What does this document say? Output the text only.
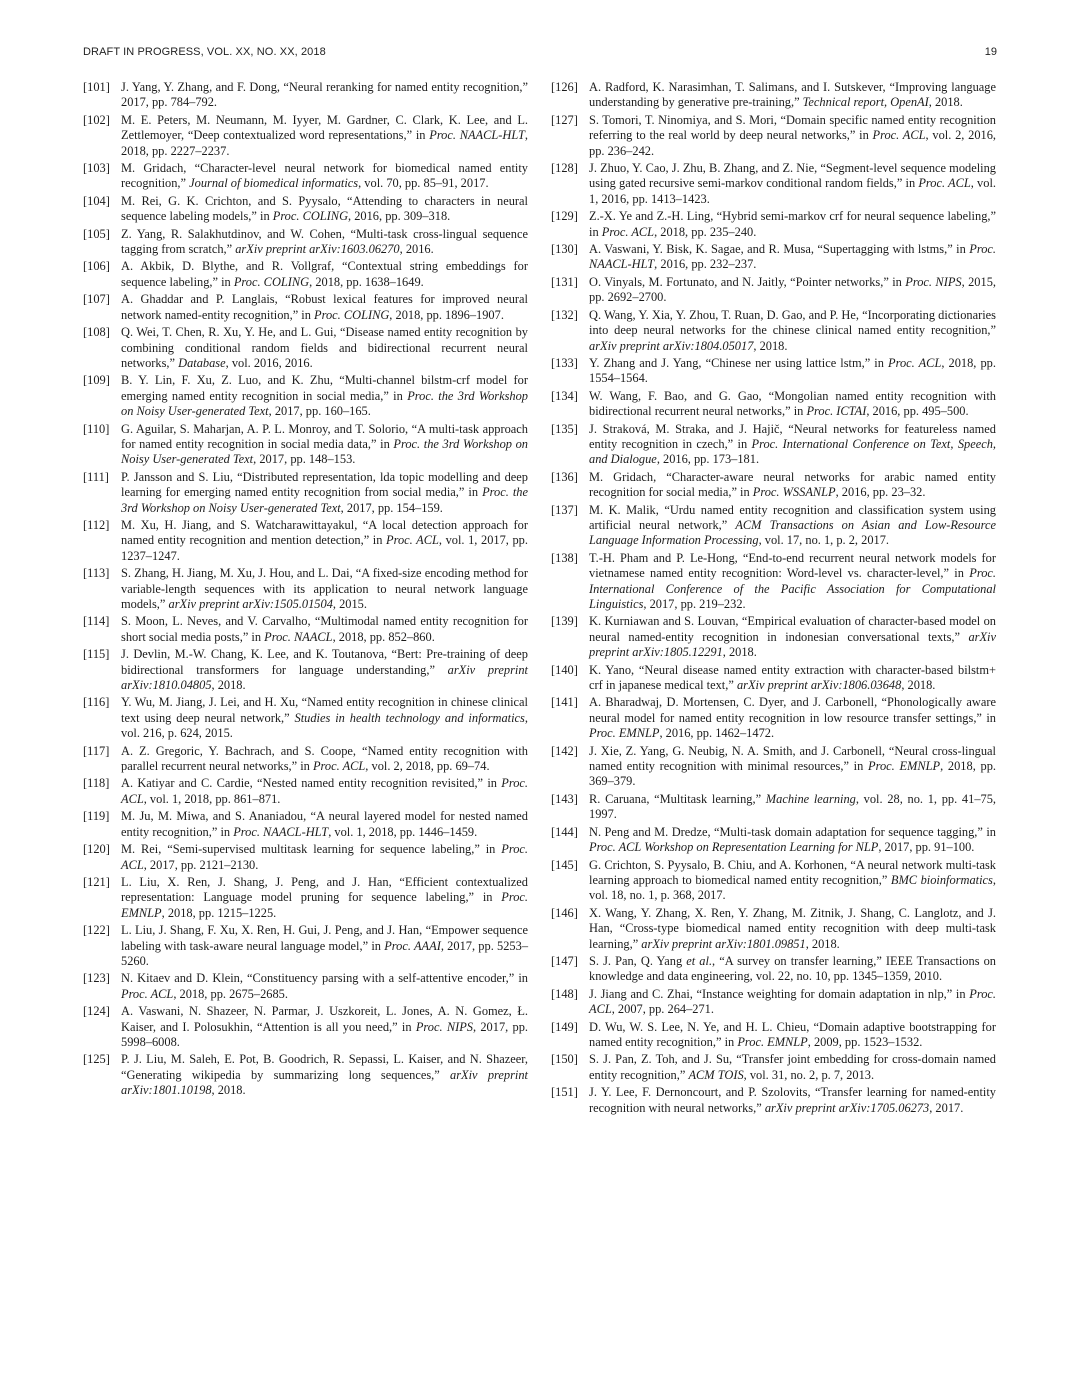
DRAFT IN PROGRESS, VOL. XX, NO. XX, 2018	19
[101] J. Yang, Y. Zhang, and F. Dong, “Neural reranking for named entity recognition,” 2017, pp. 784–792.
[102] M. E. Peters, M. Neumann, M. Iyyer, M. Gardner, C. Clark, K. Lee, and L. Zettlemoyer, “Deep contextualized word representations,” in Proc. NAACL-HLT, 2018, pp. 2227–2237.
[103] M. Gridach, “Character-level neural network for biomedical named entity recognition,” Journal of biomedical informatics, vol. 70, pp. 85–91, 2017.
[104] M. Rei, G. K. Crichton, and S. Pyysalo, “Attending to characters in neural sequence labeling models,” in Proc. COLING, 2016, pp. 309–318.
[105] Z. Yang, R. Salakhutdinov, and W. Cohen, “Multi-task cross-lingual sequence tagging from scratch,” arXiv preprint arXiv:1603.06270, 2016.
[106] A. Akbik, D. Blythe, and R. Vollgraf, “Contextual string embeddings for sequence labeling,” in Proc. COLING, 2018, pp. 1638–1649.
[107] A. Ghaddar and P. Langlais, “Robust lexical features for improved neural network named-entity recognition,” in Proc. COLING, 2018, pp. 1896–1907.
[108] Q. Wei, T. Chen, R. Xu, Y. He, and L. Gui, “Disease named entity recognition by combining conditional random fields and bidirectional recurrent neural networks,” Database, vol. 2016, 2016.
[109] B. Y. Lin, F. Xu, Z. Luo, and K. Zhu, “Multi-channel bilstm-crf model for emerging named entity recognition in social media,” in Proc. the 3rd Workshop on Noisy User-generated Text, 2017, pp. 160–165.
[110] G. Aguilar, S. Maharjan, A. P. L. Monroy, and T. Solorio, “A multi-task approach for named entity recognition in social media data,” in Proc. the 3rd Workshop on Noisy User-generated Text, 2017, pp. 148–153.
[111] P. Jansson and S. Liu, “Distributed representation, lda topic modelling and deep learning for emerging named entity recognition from social media,” in Proc. the 3rd Workshop on Noisy User-generated Text, 2017, pp. 154–159.
[112] M. Xu, H. Jiang, and S. Watcharawittayakul, “A local detection approach for named entity recognition and mention detection,” in Proc. ACL, vol. 1, 2017, pp. 1237–1247.
[113] S. Zhang, H. Jiang, M. Xu, J. Hou, and L. Dai, “A fixed-size encoding method for variable-length sequences with its application to neural network language models,” arXiv preprint arXiv:1505.01504, 2015.
[114] S. Moon, L. Neves, and V. Carvalho, “Multimodal named entity recognition for short social media posts,” in Proc. NAACL, 2018, pp. 852–860.
[115] J. Devlin, M.-W. Chang, K. Lee, and K. Toutanova, “Bert: Pre-training of deep bidirectional transformers for language understanding,” arXiv preprint arXiv:1810.04805, 2018.
[116] Y. Wu, M. Jiang, J. Lei, and H. Xu, “Named entity recognition in chinese clinical text using deep neural network,” Studies in health technology and informatics, vol. 216, p. 624, 2015.
[117] A. Z. Gregoric, Y. Bachrach, and S. Coope, “Named entity recognition with parallel recurrent neural networks,” in Proc. ACL, vol. 2, 2018, pp. 69–74.
[118] A. Katiyar and C. Cardie, “Nested named entity recognition revisited,” in Proc. ACL, vol. 1, 2018, pp. 861–871.
[119] M. Ju, M. Miwa, and S. Ananiadou, “A neural layered model for nested named entity recognition,” in Proc. NAACL-HLT, vol. 1, 2018, pp. 1446–1459.
[120] M. Rei, “Semi-supervised multitask learning for sequence labeling,” in Proc. ACL, 2017, pp. 2121–2130.
[121] L. Liu, X. Ren, J. Shang, J. Peng, and J. Han, “Efficient contextualized representation: Language model pruning for sequence labeling,” in Proc. EMNLP, 2018, pp. 1215–1225.
[122] L. Liu, J. Shang, F. Xu, X. Ren, H. Gui, J. Peng, and J. Han, “Empower sequence labeling with task-aware neural language model,” in Proc. AAAI, 2017, pp. 5253–5260.
[123] N. Kitaev and D. Klein, “Constituency parsing with a self-attentive encoder,” in Proc. ACL, 2018, pp. 2675–2685.
[124] A. Vaswani, N. Shazeer, N. Parmar, J. Uszkoreit, L. Jones, A. N. Gomez, Ł. Kaiser, and I. Polosukhin, “Attention is all you need,” in Proc. NIPS, 2017, pp. 5998–6008.
[125] P. J. Liu, M. Saleh, E. Pot, B. Goodrich, R. Sepassi, L. Kaiser, and N. Shazeer, “Generating wikipedia by summarizing long sequences,” arXiv preprint arXiv:1801.10198, 2018.
[126] A. Radford, K. Narasimhan, T. Salimans, and I. Sutskever, “Improving language understanding by generative pre-training,” Technical report, OpenAI, 2018.
[127] S. Tomori, T. Ninomiya, and S. Mori, “Domain specific named entity recognition referring to the real world by deep neural networks,” in Proc. ACL, vol. 2, 2016, pp. 236–242.
[128] J. Zhuo, Y. Cao, J. Zhu, B. Zhang, and Z. Nie, “Segment-level sequence modeling using gated recursive semi-markov conditional random fields,” in Proc. ACL, vol. 1, 2016, pp. 1413–1423.
[129] Z.-X. Ye and Z.-H. Ling, “Hybrid semi-markov crf for neural sequence labeling,” in Proc. ACL, 2018, pp. 235–240.
[130] A. Vaswani, Y. Bisk, K. Sagae, and R. Musa, “Supertagging with lstms,” in Proc. NAACL-HLT, 2016, pp. 232–237.
[131] O. Vinyals, M. Fortunato, and N. Jaitly, “Pointer networks,” in Proc. NIPS, 2015, pp. 2692–2700.
[132] Q. Wang, Y. Xia, Y. Zhou, T. Ruan, D. Gao, and P. He, “Incorporating dictionaries into deep neural networks for the chinese clinical named entity recognition,” arXiv preprint arXiv:1804.05017, 2018.
[133] Y. Zhang and J. Yang, “Chinese ner using lattice lstm,” in Proc. ACL, 2018, pp. 1554–1564.
[134] W. Wang, F. Bao, and G. Gao, “Mongolian named entity recognition with bidirectional recurrent neural networks,” in Proc. ICTAI, 2016, pp. 495–500.
[135] J. Straková, M. Straka, and J. Hajič, “Neural networks for featureless named entity recognition in czech,” in Proc. International Conference on Text, Speech, and Dialogue, 2016, pp. 173–181.
[136] M. Gridach, “Character-aware neural networks for arabic named entity recognition for social media,” in Proc. WSSANLP, 2016, pp. 23–32.
[137] M. K. Malik, “Urdu named entity recognition and classification system using artificial neural network,” ACM Transactions on Asian and Low-Resource Language Information Processing, vol. 17, no. 1, p. 2, 2017.
[138] T.-H. Pham and P. Le-Hong, “End-to-end recurrent neural network models for vietnamese named entity recognition: Word-level vs. character-level,” in Proc. International Conference of the Pacific Association for Computational Linguistics, 2017, pp. 219–232.
[139] K. Kurniawan and S. Louvan, “Empirical evaluation of character-based model on neural named-entity recognition in indonesian conversational texts,” arXiv preprint arXiv:1805.12291, 2018.
[140] K. Yano, “Neural disease named entity extraction with character-based bilstm+ crf in japanese medical text,” arXiv preprint arXiv:1806.03648, 2018.
[141] A. Bharadwaj, D. Mortensen, C. Dyer, and J. Carbonell, “Phonologically aware neural model for named entity recognition in low resource transfer settings,” in Proc. EMNLP, 2016, pp. 1462–1472.
[142] J. Xie, Z. Yang, G. Neubig, N. A. Smith, and J. Carbonell, “Neural cross-lingual named entity recognition with minimal resources,” in Proc. EMNLP, 2018, pp. 369–379.
[143] R. Caruana, “Multitask learning,” Machine learning, vol. 28, no. 1, pp. 41–75, 1997.
[144] N. Peng and M. Dredze, “Multi-task domain adaptation for sequence tagging,” in Proc. ACL Workshop on Representation Learning for NLP, 2017, pp. 91–100.
[145] G. Crichton, S. Pyysalo, B. Chiu, and A. Korhonen, “A neural network multi-task learning approach to biomedical named entity recognition,” BMC bioinformatics, vol. 18, no. 1, p. 368, 2017.
[146] X. Wang, Y. Zhang, X. Ren, Y. Zhang, M. Zitnik, J. Shang, C. Langlotz, and J. Han, “Cross-type biomedical named entity recognition with deep multi-task learning,” arXiv preprint arXiv:1801.09851, 2018.
[147] S. J. Pan, Q. Yang et al., “A survey on transfer learning,” IEEE Transactions on knowledge and data engineering, vol. 22, no. 10, pp. 1345–1359, 2010.
[148] J. Jiang and C. Zhai, “Instance weighting for domain adaptation in nlp,” in Proc. ACL, 2007, pp. 264–271.
[149] D. Wu, W. S. Lee, N. Ye, and H. L. Chieu, “Domain adaptive bootstrapping for named entity recognition,” in Proc. EMNLP, 2009, pp. 1523–1532.
[150] S. J. Pan, Z. Toh, and J. Su, “Transfer joint embedding for cross-domain named entity recognition,” ACM TOIS, vol. 31, no. 2, p. 7, 2013.
[151] J. Y. Lee, F. Dernoncourt, and P. Szolovits, “Transfer learning for named-entity recognition with neural networks,” arXiv preprint arXiv:1705.06273, 2017.
